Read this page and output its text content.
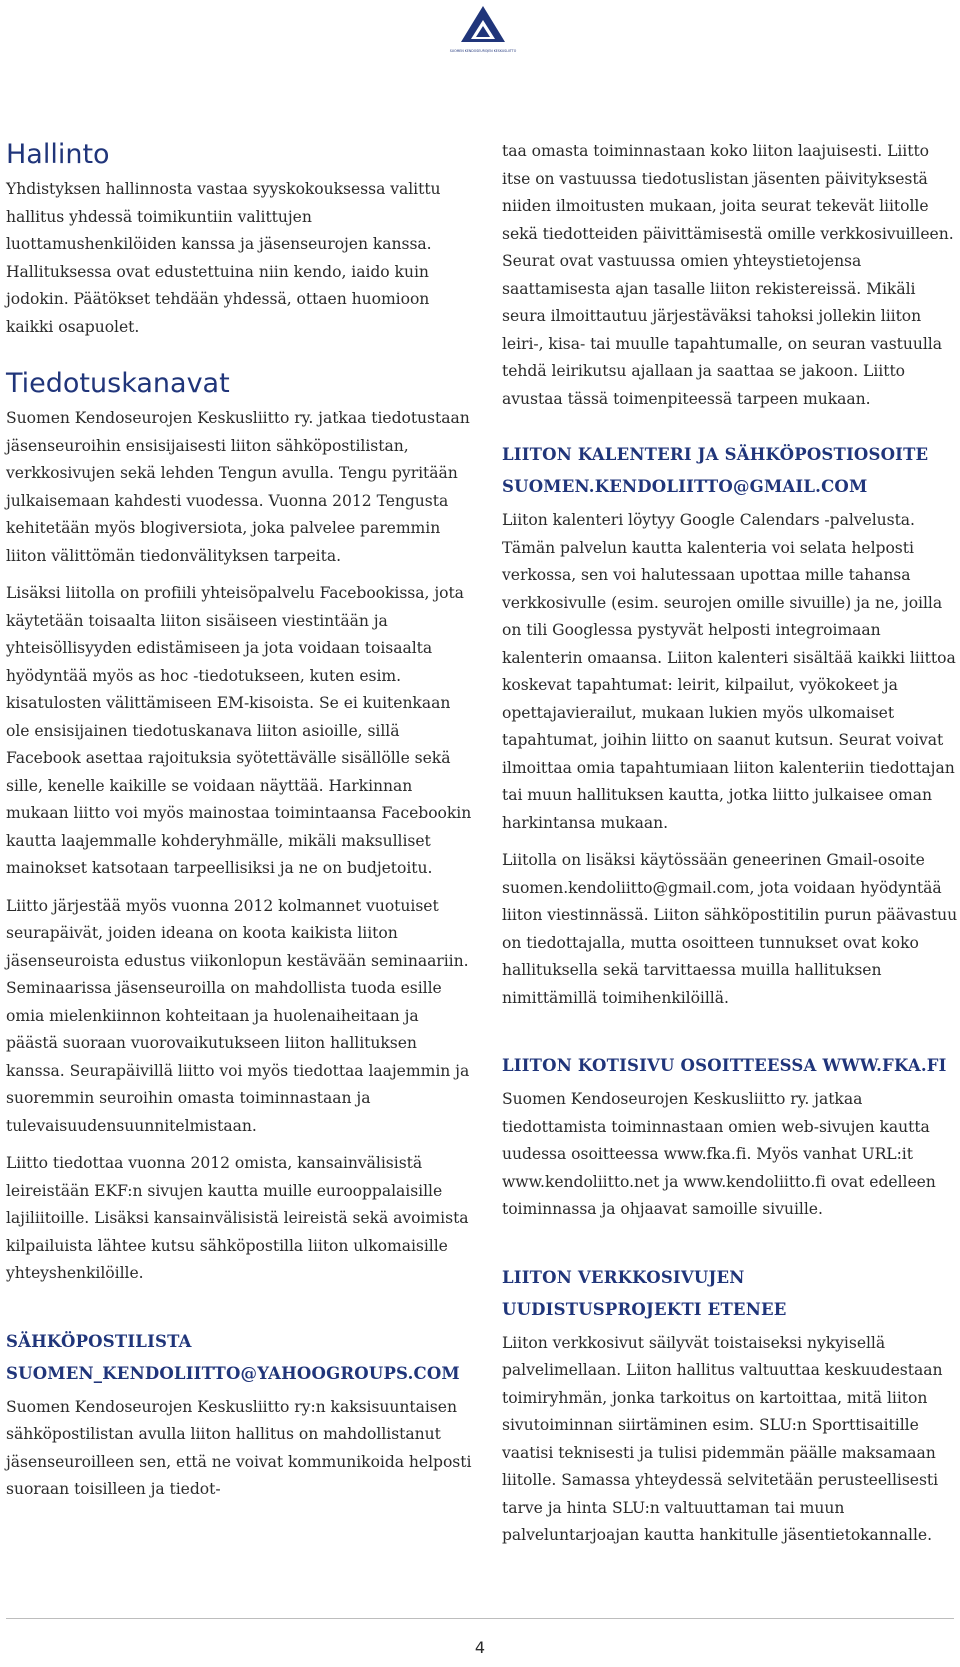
SUOMEN KENDOSEUROJEN KESKUSLIITTO
Hallinto

Yhdistyksen hallinnosta vastaa syyskokouksessa valittu hallitus yhdessä toimikuntiin valittujen luottamushenkilöiden kanssa ja jäsenseurojen kanssa. Hallituksessa ovat edustettuina niin kendo, iaido kuin jodokin. Päätökset tehdään yhdessä, ottaen huomioon kaikki osapuolet.

Tiedotuskanavat

Suomen Kendoseurojen Keskusliitto ry. jatkaa tiedotustaan jäsenseuroihin ensisijaisesti liiton sähköpostilistan, verkkosivujen sekä lehden Tengun avulla. Tengu pyritään julkaisemaan kahdesti vuodessa. Vuonna 2012 Tengusta kehitetään myös blogiversiota, joka palvelee paremmin liiton välittömän tiedonvälityksen tarpeita.

Lisäksi liitolla on profiili yhteisöpalvelu Facebookissa, jota käytetään toisaalta liiton sisäiseen viestintään ja yhteisöllisyyden edistämiseen ja jota voidaan toisaalta hyödyntää myös as hoc -tiedotukseen, kuten esim. kisatulosten välittämiseen EM-kisoista. Se ei kuitenkaan ole ensisijainen tiedotuskanava liiton asioille, sillä Facebook asettaa rajoituksia syötettävälle sisällölle sekä sille, kenelle kaikille se voidaan näyttää. Harkinnan mukaan liitto voi myös mainostaa toimintaansa Facebookin kautta laajemmalle kohderyhmälle, mikäli maksulliset mainokset katsotaan tarpeellisiksi ja ne on budjetoitu.

Liitto järjestää myös vuonna 2012 kolmannet vuotuiset seurapäivät, joiden ideana on koota kaikista liiton jäsenseuroista edustus viikonlopun kestävään seminaariin. Seminaarissa jäsenseuroilla on mahdollista tuoda esille omia mielenkiinnon kohteitaan ja huolenaiheitaan ja päästä suoraan vuorovaikutukseen liiton hallituksen kanssa. Seurapäivillä liitto voi myös tiedottaa laajemmin ja suoremmin seuroihin omasta toiminnastaan ja tulevaisuudensuunnitelmistaan.

Liitto tiedottaa vuonna 2012 omista, kansainvälisistä leireistään EKF:n sivujen kautta muille eurooppalaisille lajiliitoille. Lisäksi kansainvälisistä leireistä sekä avoimista kilpailuista lähtee kutsu sähköpostilla liiton ulkomaisille yhteyshenkilöille.

SÄHKÖPOSTILISTA
SUOMEN_KENDOLIITTO@YAHOOGROUPS.COM

Suomen Kendoseurojen Keskusliitto ry:n kaksisuuntaisen sähköpostilistan avulla liiton hallitus on mahdollistanut jäsenseuroilleen sen, että ne voivat kommunikoida helposti suoraan toisilleen ja tiedot-

taa omasta toiminnastaan koko liiton laajuisesti. Liitto itse on vastuussa tiedotuslistan jäsenten päivityksestä niiden ilmoitusten mukaan, joita seurat tekevät liitolle sekä tiedotteiden päivittämisestä omille verkkosivuilleen. Seurat ovat vastuussa omien yhteystietojensa saattamisesta ajan tasalle liiton rekistereissä. Mikäli seura ilmoittautuu järjestäväksi tahoksi jollekin liiton leiri-, kisa- tai muulle tapahtumalle, on seuran vastuulla tehdä leirikutsu ajallaan ja saattaa se jakoon. Liitto avustaa tässä toimenpiteessä tarpeen mukaan.

LIITON KALENTERI JA SÄHKÖPOSTIOSOITE
SUOMEN.KENDOLIITTO@GMAIL.COM

Liiton kalenteri löytyy Google Calendars -palvelusta. Tämän palvelun kautta kalenteria voi selata helposti verkossa, sen voi halutessaan upottaa mille tahansa verkkosivulle (esim. seurojen omille sivuille) ja ne, joilla on tili Googlessa pystyvät helposti integroimaan kalenterin omaansa. Liiton kalenteri sisältää kaikki liittoa koskevat tapahtumat: leirit, kilpailut, vyökokeet ja opettajavierailut, mukaan lukien myös ulkomaiset tapahtumat, joihin liitto on saanut kutsun. Seurat voivat ilmoittaa omia tapahtumiaan liiton kalenteriin tiedottajan tai muun hallituksen kautta, jotka liitto julkaisee oman harkintansa mukaan.

Liitolla on lisäksi käytössään geneerinen Gmail-osoite suomen.kendoliitto@gmail.com, jota voidaan hyödyntää liiton viestinnässä. Liiton sähköpostitilin purun päävastuu on tiedottajalla, mutta osoitteen tunnukset ovat koko hallituksella sekä tarvittaessa muilla hallituksen nimittämillä toimihenkilöillä.

LIITON KOTISIVU OSOITTEESSA WWW.FKA.FI

Suomen Kendoseurojen Keskusliitto ry. jatkaa tiedottamista toiminnastaan omien web-sivujen kautta uudessa osoitteessa www.fka.fi. Myös vanhat URL:it www.kendoliitto.net ja www.kendoliitto.fi ovat edelleen toiminnassa ja ohjaavat samoille sivuille.

LIITON VERKKOSIVUJEN
UUDISTUSPROJEKTI ETENEE

Liiton verkkosivut säilyvät toistaiseksi nykyisellä palvelimellaan. Liiton hallitus valtuuttaa keskuudestaan toimiryhmän, jonka tarkoitus on kartoittaa, mitä liiton sivutoiminnan siirtäminen esim. SLU:n Sporttisaitille vaatisi teknisesti ja tulisi pidemmän päälle maksamaan liitolle. Samassa yhteydessä selvitetään perusteellisesti tarve ja hinta SLU:n valtuuttaman tai muun palveluntarjoajan kautta hankitulle jäsentietokannalle.

4
